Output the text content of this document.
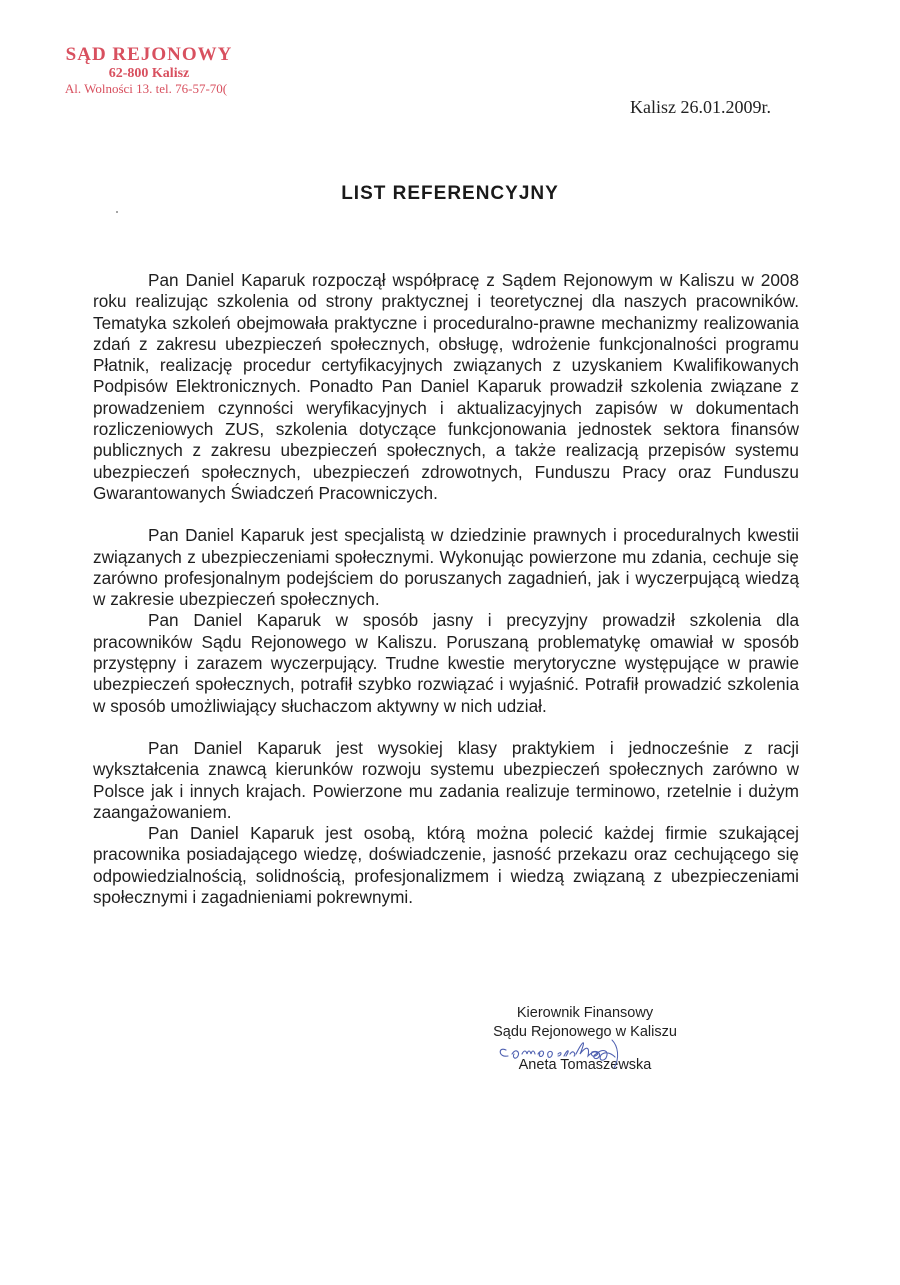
SĄD REJONOWY
62-800 Kalisz
Al. Wolności 13. tel. 76-57-70(
Kalisz 26.01.2009r.
LIST REFERENCYJNY

Pan Daniel Kaparuk rozpoczął współpracę z Sądem Rejonowym w Kaliszu w 2008 roku realizując szkolenia od strony praktycznej i teoretycznej dla naszych pracowników. Tematyka szkoleń obejmowała praktyczne i proceduralno-prawne mechanizmy realizowania zdań z zakresu ubezpieczeń społecznych, obsługę, wdrożenie funkcjonalności programu Płatnik, realizację procedur certyfikacyjnych związanych z uzyskaniem Kwalifikowanych Podpisów Elektronicznych. Ponadto Pan Daniel Kaparuk prowadził szkolenia związane z prowadzeniem czynności weryfikacyjnych i aktualizacyjnych zapisów w dokumentach rozliczeniowych ZUS, szkolenia dotyczące funkcjonowania jednostek sektora finansów publicznych z zakresu ubezpieczeń społecznych, a także realizacją przepisów systemu ubezpieczeń społecznych, ubezpieczeń zdrowotnych, Funduszu Pracy oraz Funduszu Gwarantowanych Świadczeń Pracowniczych.

Pan Daniel Kaparuk jest specjalistą w dziedzinie prawnych i proceduralnych kwestii związanych z ubezpieczeniami społecznymi. Wykonując powierzone mu zdania, cechuje się zarówno profesjonalnym podejściem do poruszanych zagadnień, jak i wyczerpującą wiedzą w zakresie ubezpieczeń społecznych.

Pan Daniel Kaparuk w sposób jasny i precyzyjny prowadził szkolenia dla pracowników Sądu Rejonowego w Kaliszu. Poruszaną problematykę omawiał w sposób przystępny i zarazem wyczerpujący. Trudne kwestie merytoryczne występujące w prawie ubezpieczeń społecznych, potrafił szybko rozwiązać i wyjaśnić. Potrafił prowadzić szkolenia w sposób umożliwiający słuchaczom aktywny w nich udział.

Pan Daniel Kaparuk jest wysokiej klasy praktykiem i jednocześnie z racji wykształcenia znawcą kierunków rozwoju systemu ubezpieczeń społecznych zarówno w Polsce jak i innych krajach. Powierzone mu zadania realizuje terminowo, rzetelnie i dużym zaangażowaniem.

Pan Daniel Kaparuk jest osobą, którą można polecić każdej firmie szukającej pracownika posiadającego wiedzę, doświadczenie, jasność przekazu oraz cechującego się odpowiedzialnością, solidnością, profesjonalizmem i wiedzą związaną z ubezpieczeniami społecznymi i zagadnieniami pokrewnymi.

Kierownik Finansowy
Sądu Rejonowego w Kaliszu
Aneta Tomaszewska
